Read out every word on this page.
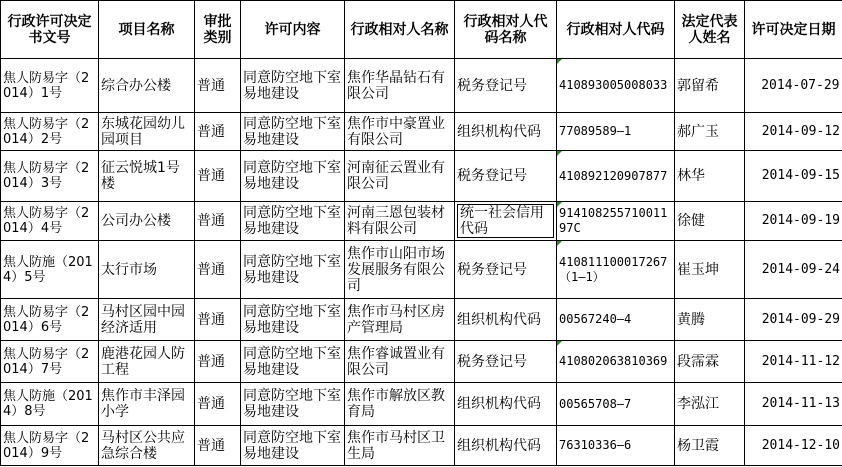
行政许可决定书文号	项目名称	审批类别	许可内容	行政相对人名称	行政相对人代码名称	行政相对人代码	法定代表人姓名	许可决定日期
焦人防易字（2014）1号	综合办公楼	普通	同意防空地下室易地建设	焦作华晶钻石有限公司	税务登记号	410893005008033	郭留希	2014-07-29
焦人防易字（2014）2号	东城花园幼儿园项目	普通	同意防空地下室易地建设	焦作市中豪置业有限公司	组织机构代码	77089589—1	郝广玉	2014-09-12
焦人防易字（2014）3号	征云悦城1号楼	普通	同意防空地下室易地建设	河南征云置业有限公司	税务登记号	410892120907877	林华	2014-09-15
焦人防易字（2014）4号	公司办公楼	普通	同意防空地下室易地建设	河南三恩包装材料有限公司	统一社会信用代码	91410825571001197C	徐健	2014-09-19
焦人防施（2014）5号	太行市场	普通	同意防空地下室易地建设	焦作市山阳市场发展服务有限公司	税务登记号	410811100017267（1—1）	崔玉坤	2014-09-24
焦人防易字（2014）6号	马村区园中园经济适用	普通	同意防空地下室易地建设	焦作市马村区房产管理局	组织机构代码	00567240—4	黄腾	2014-09-29
焦人防易字（2014）7号	鹿港花园人防工程	普通	同意防空地下室易地建设	焦作睿诚置业有限公司	税务登记号	410802063810369	段霈霖	2014-11-12
焦人防施（2014）8号	焦作市丰泽园小学	普通	同意防空地下室易地建设	焦作市解放区教育局	组织机构代码	00565708—7	李泓江	2014-11-13
焦人防易字（2014）9号	马村区公共应急综合楼	普通	同意防空地下室易地建设	焦作市马村区卫生局	组织机构代码	76310336—6	杨卫霞	2014-12-10
